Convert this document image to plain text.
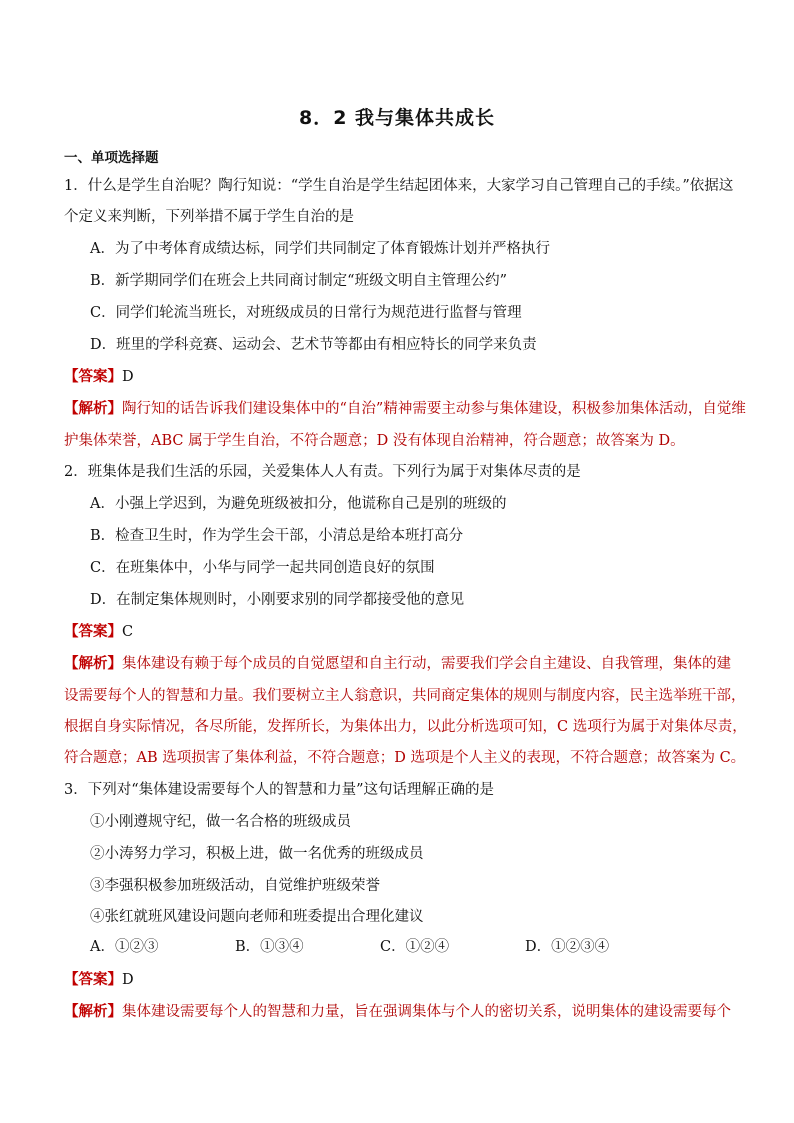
8．2 我与集体共成长
一、单项选择题
1．什么是学生自治呢？陶行知说：“学生自治是学生结起团体来，大家学习自己管理自己的手续。”依据这
个定义来判断，下列举措不属于学生自治的是
A．为了中考体育成绩达标，同学们共同制定了体育锻炼计划并严格执行
B．新学期同学们在班会上共同商讨制定“班级文明自主管理公约”
C．同学们轮流当班长，对班级成员的日常行为规范进行监督与管理
D．班里的学科竞赛、运动会、艺术节等都由有相应特长的同学来负责
【答案】D
【解析】陶行知的话告诉我们建设集体中的“自治”精神需要主动参与集体建设，积极参加集体活动，自觉维
护集体荣誉，ABC 属于学生自治，不符合题意；D 没有体现自治精神，符合题意；故答案为 D。
2．班集体是我们生活的乐园，关爱集体人人有责。下列行为属于对集体尽责的是
A．小强上学迟到，为避免班级被扣分，他谎称自己是别的班级的
B．检查卫生时，作为学生会干部，小清总是给本班打高分
C．在班集体中，小华与同学一起共同创造良好的氛围
D．在制定集体规则时，小刚要求别的同学都接受他的意见
【答案】C
【解析】集体建设有赖于每个成员的自觉愿望和自主行动，需要我们学会自主建设、自我管理，集体的建
设需要每个人的智慧和力量。我们要树立主人翁意识，共同商定集体的规则与制度内容，民主选举班干部，
根据自身实际情况，各尽所能，发挥所长，为集体出力，以此分析选项可知，C 选项行为属于对集体尽责，
符合题意；AB 选项损害了集体利益，不符合题意；D 选项是个人主义的表现，不符合题意；故答案为 C。
3．下列对“集体建设需要每个人的智慧和力量”这句话理解正确的是
①小刚遵规守纪，做一名合格的班级成员
②小涛努力学习，积极上进，做一名优秀的班级成员
③李强积极参加班级活动，自觉维护班级荣誉
④张红就班风建设问题向老师和班委提出合理化建议
A．①②③	B．①③④	C．①②④	D．①②③④
【答案】D
【解析】集体建设需要每个人的智慧和力量，旨在强调集体与个人的密切关系，说明集体的建设需要每个
